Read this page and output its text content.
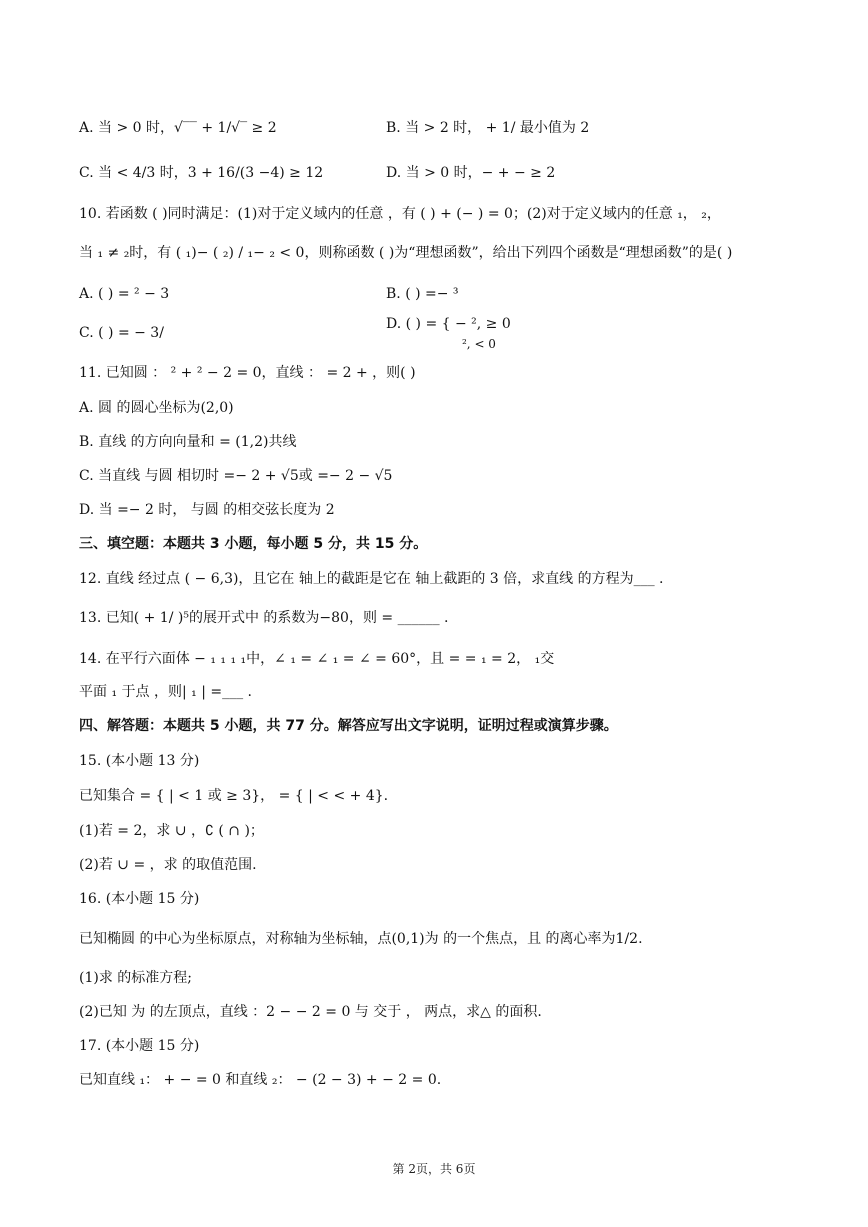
A. 当 > 0 时，√‾‾ + 1/√‾ ≥ 2	B. 当 > 2 时， + 1/ 最小值为 2
C. 当 < 4/3 时，3 + 16/(3 −4) ≥ 12	D. 当 > 0 时，− + − ≥ 2
10. 若函数 ( )同时满足：(1)对于定义域内的任意 ，有 ( ) + (− ) = 0；(2)对于定义域内的任意 ₁， ₂，
当 ₁ ≠ ₂时，有 ( ₁)− ( ₂) / ₁− ₂ < 0，则称函数 ( )为“理想函数”，给出下列四个函数是“理想函数”的是( )
A. ( ) = ² − 3	B. ( ) =− ³
C. ( ) = − 3/
D. ( ) = { − ², ≥ 0
², < 0
11. 已知圆 ： ² + ² − 2 = 0，直线 ： = 2 + ，则( )
A. 圆 的圆心坐标为(2,0)
B. 直线 的方向向量和 = (1,2)共线
C. 当直线 与圆 相切时 =− 2 + √5或 =− 2 − √5
D. 当 =− 2 时， 与圆 的相交弦长度为 2
三、填空题：本题共 3 小题，每小题 5 分，共 15 分。
12. 直线 经过点 ( − 6,3)，且它在 轴上的截距是它在 轴上截距的 3 倍，求直线 的方程为___ .
13. 已知( + 1/ )⁵的展开式中 的系数为−80，则 = ______ .
14. 在平行六面体 − ₁ ₁ ₁ ₁中，∠ ₁ = ∠ ₁ = ∠ = 60°，且 = = ₁ = 2， ₁交
平面 ₁ 于点 ，则| ₁ | =___ .
四、解答题：本题共 5 小题，共 77 分。解答应写出文字说明，证明过程或演算步骤。
15. (本小题 13 分)
已知集合 = { | < 1 或 ≥ 3}， = { | < < + 4}.
(1)若 = 2，求 ∪ ，∁ ( ∩ )；
(2)若 ∪ = ，求 的取值范围.
16. (本小题 15 分)
已知椭圆 的中心为坐标原点，对称轴为坐标轴，点(0,1)为 的一个焦点，且 的离心率为1/2.
(1)求 的标准方程;
(2)已知 为 的左顶点，直线 ：2 − − 2 = 0 与 交于 ， 两点，求△ 的面积.
17. (本小题 15 分)
已知直线 ₁： + − = 0 和直线 ₂： − (2 − 3) + − 2 = 0.
第 2页，共 6页
